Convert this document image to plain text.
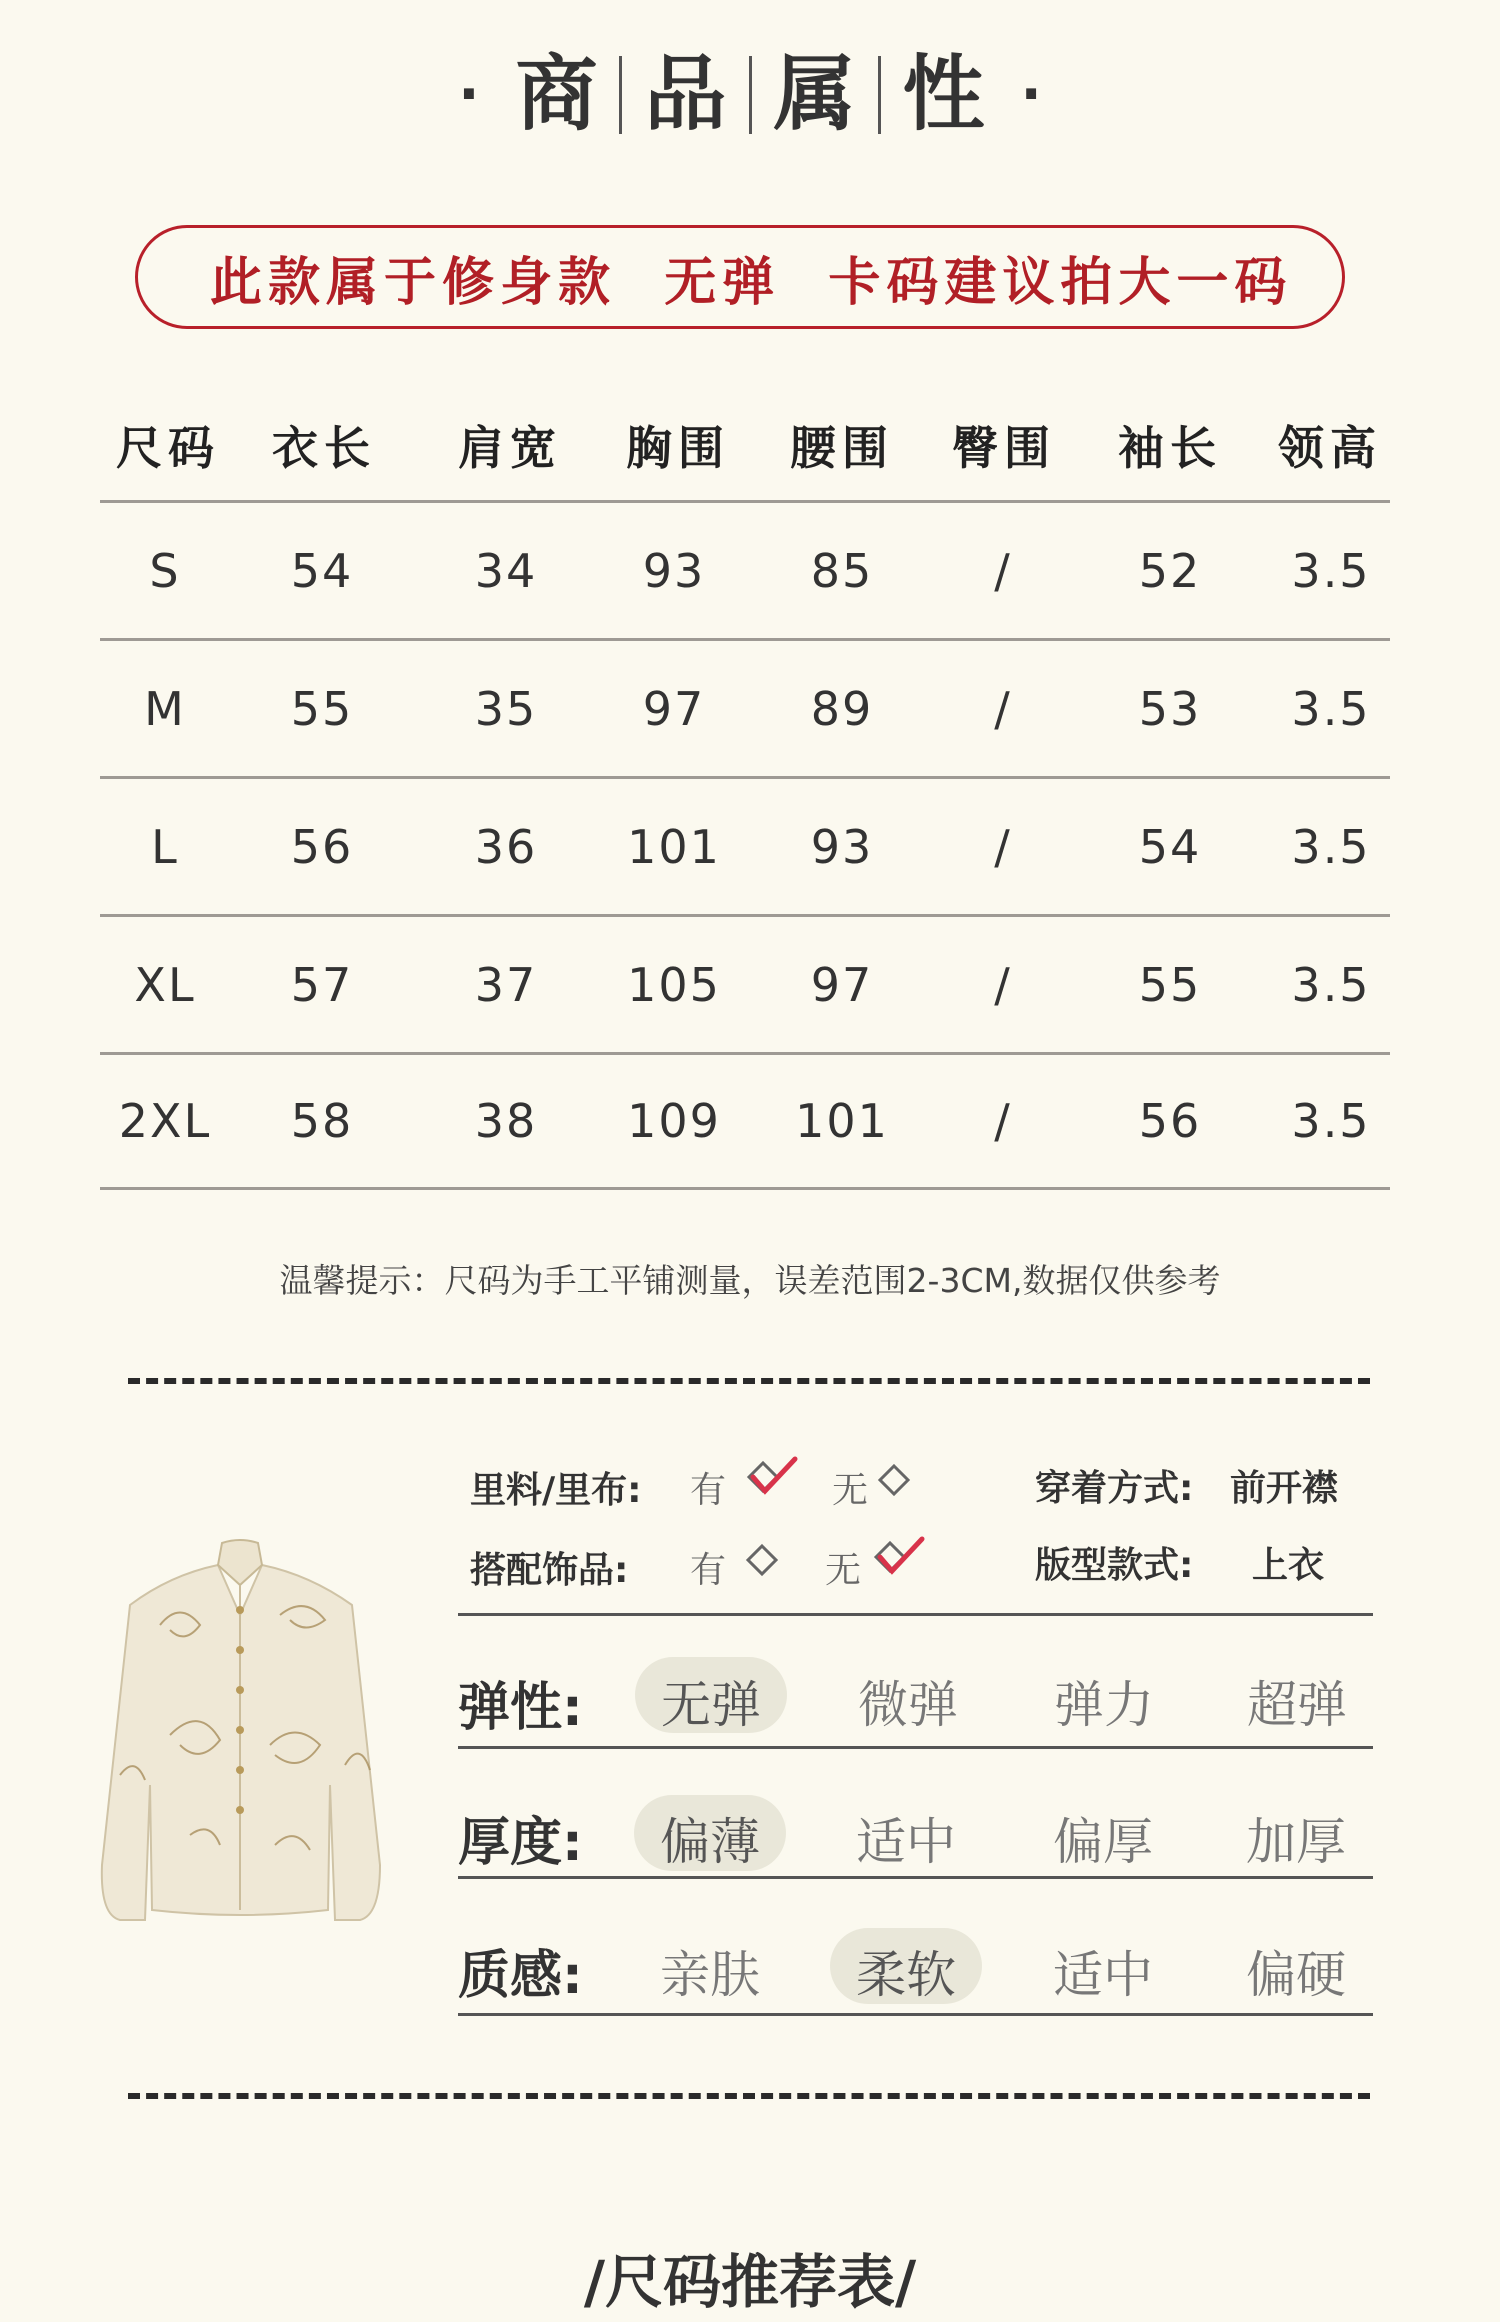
· 商 品 属 性 ·
此款属于修身款  无弹  卡码建议拍大一码
尺码 衣长 肩宽 胸围 腰围 臀围 袖长 领高
S 54	34 93 85	/	52 3.5
M 55	35 97 89	/	53 3.5
L 56	36 101 93	/	54 3.5
XL 57	37 105 97	/	55 3.5
2XL 58	38 109 101 /	56 3.5
温馨提示：尺码为手工平铺测量，误差范围2-3CM,数据仅供参考
里料/里布: 有	无	穿着方式: 前开襟
搭配饰品: 有	无	版型款式: 上衣
弹性: 无弹 微弹 弹力 超弹
厚度: 偏薄 适中 偏厚 加厚
质感: 亲肤 柔软 适中 偏硬
/尺码推荐表/
